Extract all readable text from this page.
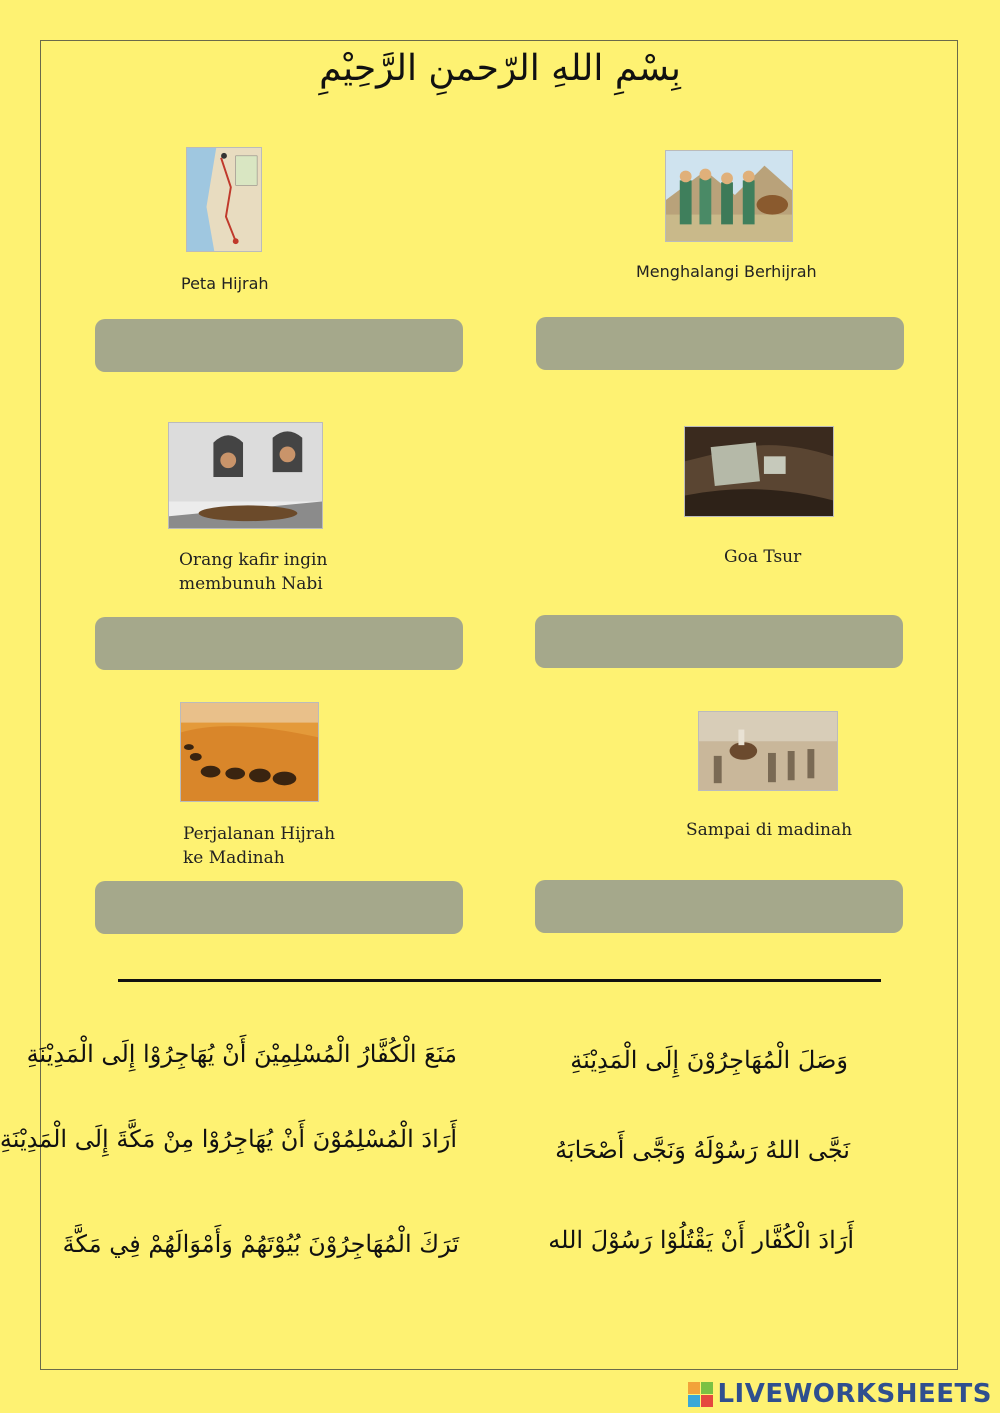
بِسْمِ اللهِ الرّحمنِ الرَّحِيْمِ
Peta Hijrah
Menghalangi Berhijrah
Orang kafir ingin
membunuh Nabi
Goa Tsur
Perjalanan Hijrah
ke Madinah
Sampai di madinah
مَنَعَ الْكُفَّارُ الْمُسْلِمِيْنَ أَنْ يُهَاجِرُوْا إِلَى الْمَدِيْنَةِ
أَرَادَ الْمُسْلِمُوْنَ أَنْ يُهَاجِرُوْا مِنْ مَكَّةَ إِلَى الْمَدِيْنَةِ
تَرَكَ الْمُهَاجِرُوْنَ بُيُوْتَهُمْ وَأَمْوَالَهُمْ فِي مَكَّةَ
وَصَلَ الْمُهَاجِرُوْنَ إِلَى الْمَدِيْنَةِ
نَجَّى اللهُ رَسُوْلَهُ وَنَجَّى أَصْحَابَهُ
أَرَادَ الْكُفَّار أَنْ يَقْتُلُوْا رَسُوْلَ الله
LIVEWORKSHEETS
